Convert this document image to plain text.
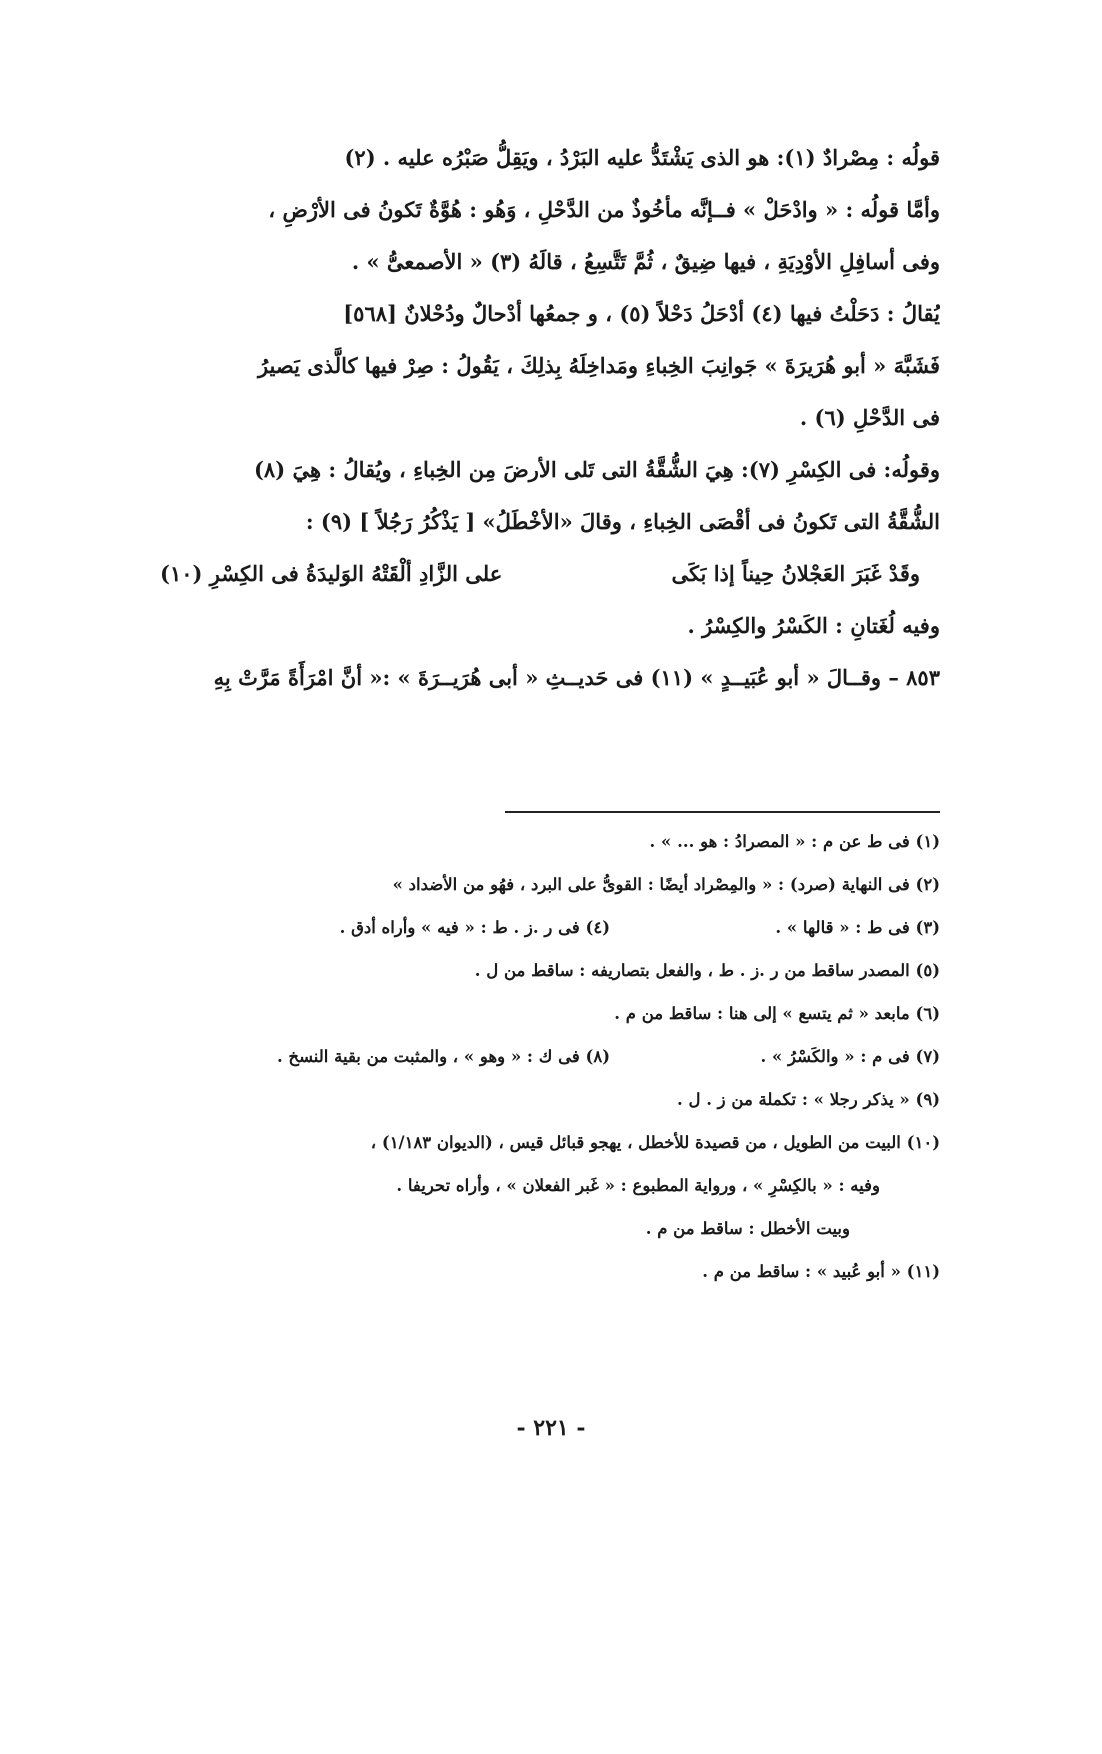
قولُه : مِصْرادٌ (١): هو الذى يَشْتَدُّ عليه البَرْدُ ، ويَقِلُّ صَبْرُه عليه . (٢)
وأمَّا قولُه : « وادْحَلْ » فــإنَّه مأخُوذٌ من الدَّحْلِ ، وَهُو : هُوَّةٌ تَكونُ فى الأرْضِ ،
وفى أسافِلِ الأوْدِيَةِ ، فيها ضِيقٌ ، ثُمَّ تَتَّسِعُ ، قالَهُ (٣) « الأصمعىُّ » .
يُقالُ : دَحَلْتُ فيها (٤) أدْحَلُ دَحْلاً (٥) ، و جمعُها أدْحالٌ ودُحْلانٌ [٥٦٨]
فَشَبَّهَ « أبو هُرَيرَةَ » جَوانِبَ الخِباءِ ومَداخِلَهُ بِذلِكَ ، يَقُولُ : صِرْ فيها كالَّذى يَصيرُ
فى الدَّحْلِ (٦) .
وقولُه: فى الكِسْرِ (٧): هِيَ الشُّقَّةُ التى تَلى الأرضَ مِن الخِباءِ ، ويُقالُ : هِيَ (٨)
الشُّقَّةُ التى تَكونُ فى أقْصَى الخِباءِ ، وقالَ «الأخْطَلُ» [ يَذْكُرُ رَجُلاً ] (٩) :
وقَدْ غَبَرَ العَجْلانُ حِيناً إذا بَكَى
على الزَّادِ ألْقَتْهُ الوَليدَةُ فى الكِسْرِ (١٠)
وفيه لُغَتانِ : الكَسْرُ والكِسْرُ .
٨٥٣ – وقــالَ « أبو عُبَيــدٍ » (١١) فى حَديــثِ « أبى هُرَيــرَةَ » :« أنَّ امْرَأَةً مَرَّتْ بِهِ
(١) فى ط عن م : « المصرادُ : هو ... » .
(٢) فى النهاية (صرد) : « والمِصْراد أيضًا : القوىُّ على البرد ، فهُو من الأضداد »
(٣) فى ط : « قالها » .
(٤) فى ر .ز . ط : « فيه » وأراه أدق .
(٥) المصدر ساقط من ر .ز . ط ، والفعل بتصاريفه : ساقط من ل .
(٦) مابعد « ثم يتسع » إلى هنا : ساقط من م .
(٧) فى م : « والكَسْرُ » .
(٨) فى ك : « وهو » ، والمثبت من بقية النسخ .
(٩) « يذكر رجلا » : تكملة من ز . ل .
(١٠) البيت من الطويل ، من قصيدة للأخطل ، يهجو قبائل قيس ، (الديوان ١/١٨٣) ،
وفيه : « بالكِسْرِ » ، ورواية المطبوع : « غَبر الفعلان » ، وأراه تحريفا .
وبيت الأخطل : ساقط من م .
(١١) « أبو عُبيد » : ساقط من م .
- ٢٢١ -
